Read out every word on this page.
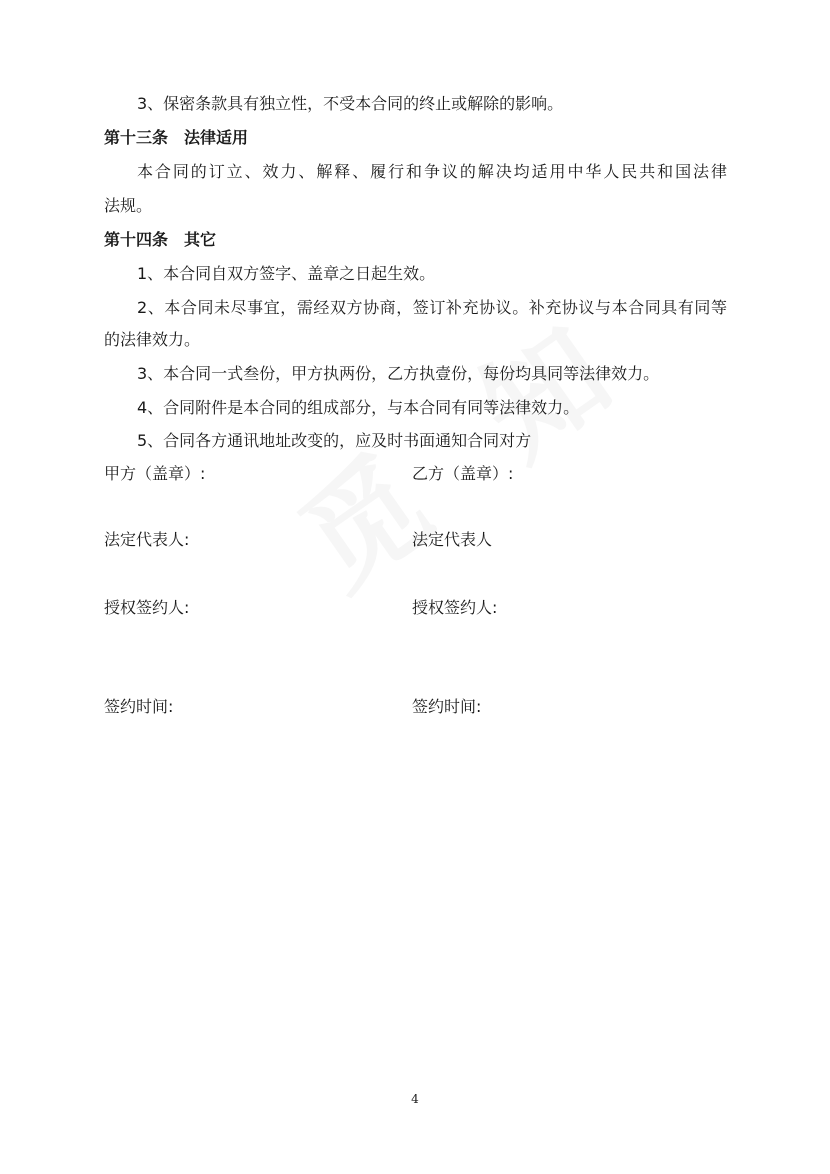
3、保密条款具有独立性，不受本合同的终止或解除的影响。
第十三条　法律适用
本合同的订立、效力、解释、履行和争议的解决均适用中华人民共和国法律
法规。
第十四条　其它
1、本合同自双方签字、盖章之日起生效。
2、本合同未尽事宜，需经双方协商，签订补充协议。补充协议与本合同具有同等
的法律效力。
3、本合同一式叁份，甲方执两份，乙方执壹份，每份均具同等法律效力。
4、合同附件是本合同的组成部分，与本合同有同等法律效力。
5、合同各方通讯地址改变的，应及时书面通知合同对方
甲方（盖章）:	乙方（盖章）:
法定代表人:	法定代表人
授权签约人:	授权签约人:
签约时间:	签约时间:
4
